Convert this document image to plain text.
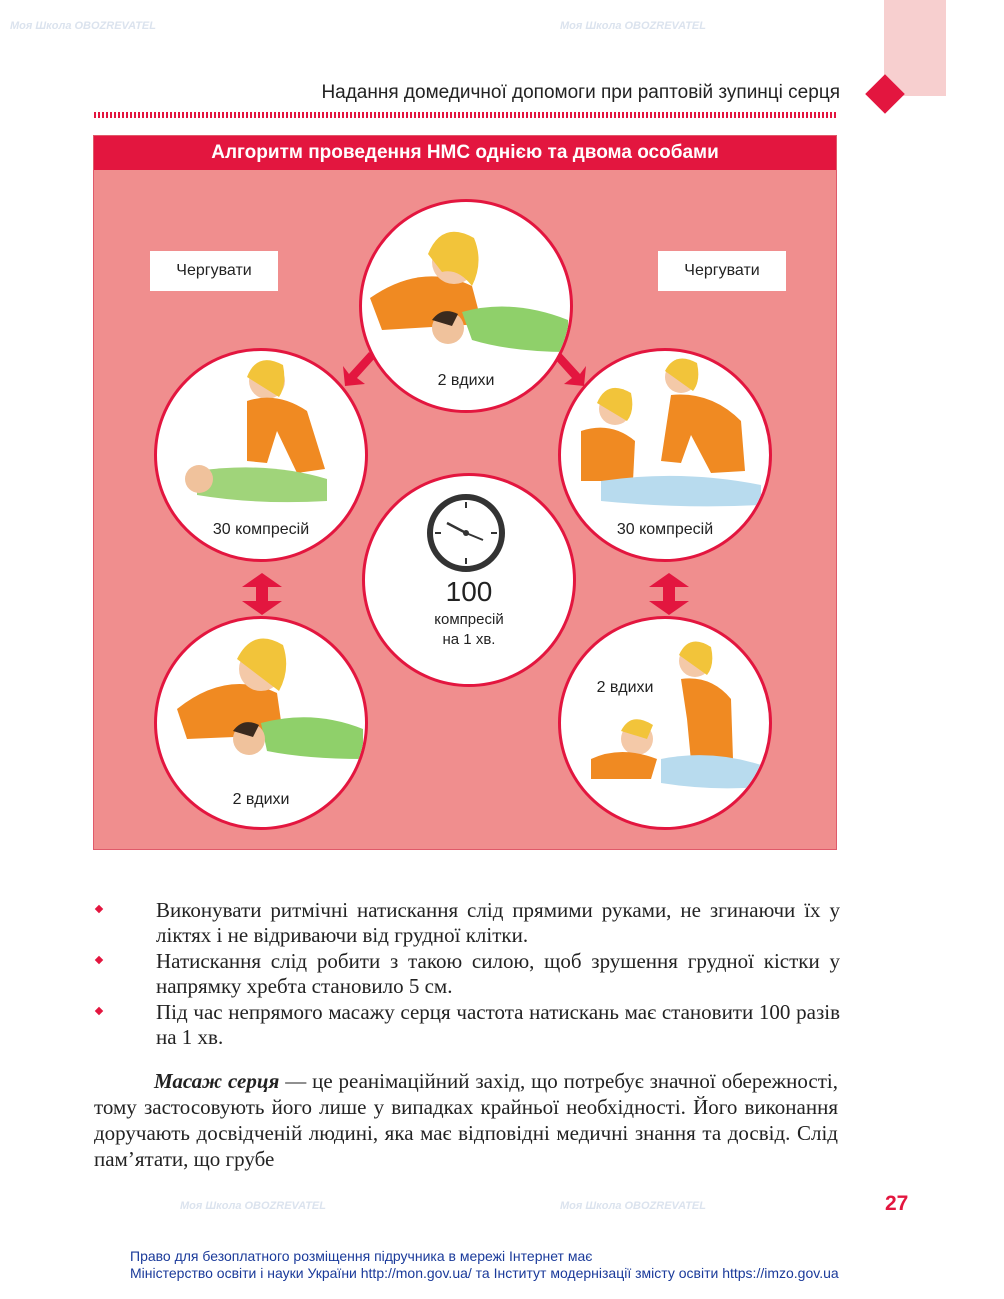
Моя Школа OBOZREVATEL	Моя Школа OBOZREVATEL
Моя Школа OBOZREVATEL	Моя Школа OBOZREVATEL
Надання домедичної допомоги при раптовій зупинці серця
Алгоритм проведення НМС однією та двома особами
Чергувати	Чергувати
2 вдихи
30 компресій
2 вдихи
30 компресій
2 вдихи
100
компресій
на 1 хв.
Виконувати ритмічні натискання слід прямими руками, не згинаючи їх у ліктях і не відриваючи від грудної клітки.
Натискання слід робити з такою силою, щоб зрушення грудної кістки у напрямку хребта становило 5 см.
Під час непрямого масажу серця частота натискань має становити 100 разів на 1 хв.
Масаж серця — це реанімаційний захід, що потребує значної обережності, тому застосовують його лише у випадках крайньої необхідності. Його виконання доручають досвідченій людині, яка має відповідні медичні знання та досвід. Слід пам’ятати, що грубе
27
Право для безоплатного розміщення підручника в мережі Інтернет має
Міністерство освіти і науки України http://mon.gov.ua/ та Інститут модернізації змісту освіти https://imzo.gov.ua
